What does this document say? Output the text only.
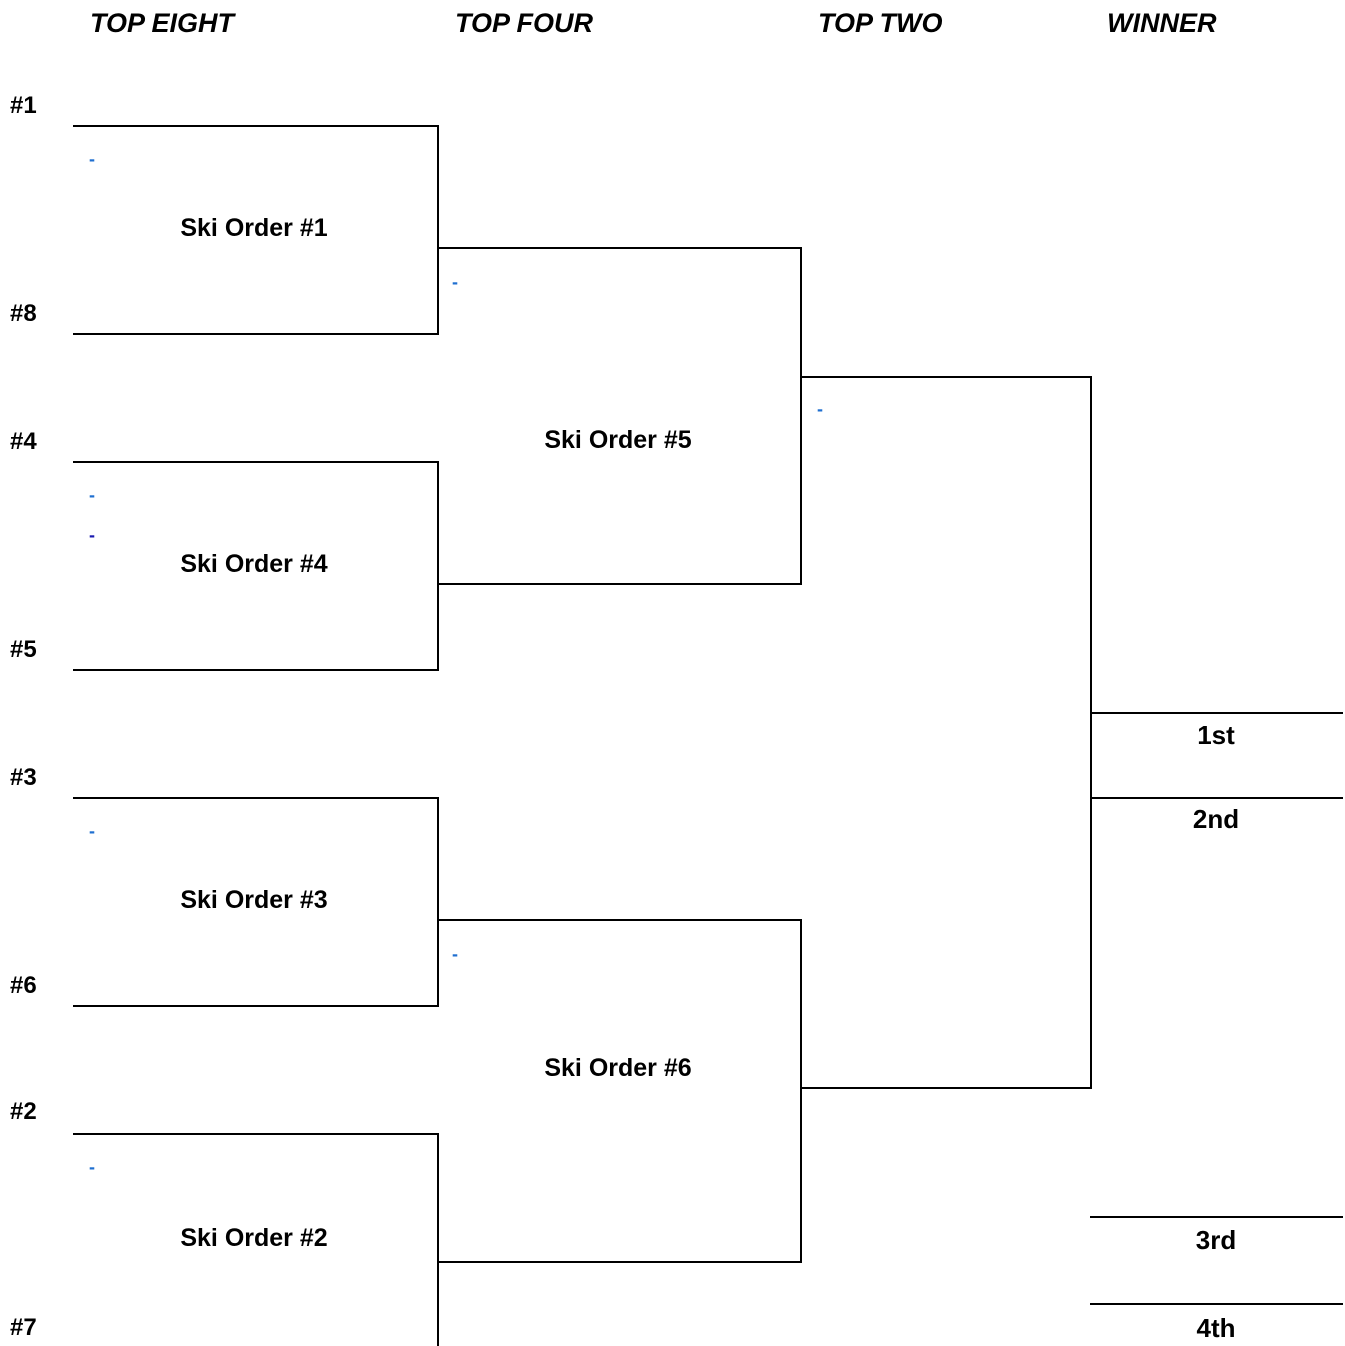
TOP EIGHT	TOP FOUR	TOP TWO	WINNER
#1
#8
#4
#5
#3
#6
#2
#7
Ski Order #1
Ski Order #4
Ski Order #3
Ski Order #2
Ski Order #5
Ski Order #6
-
-
-
-
-
-
-
-
1st
2nd
3rd
4th
